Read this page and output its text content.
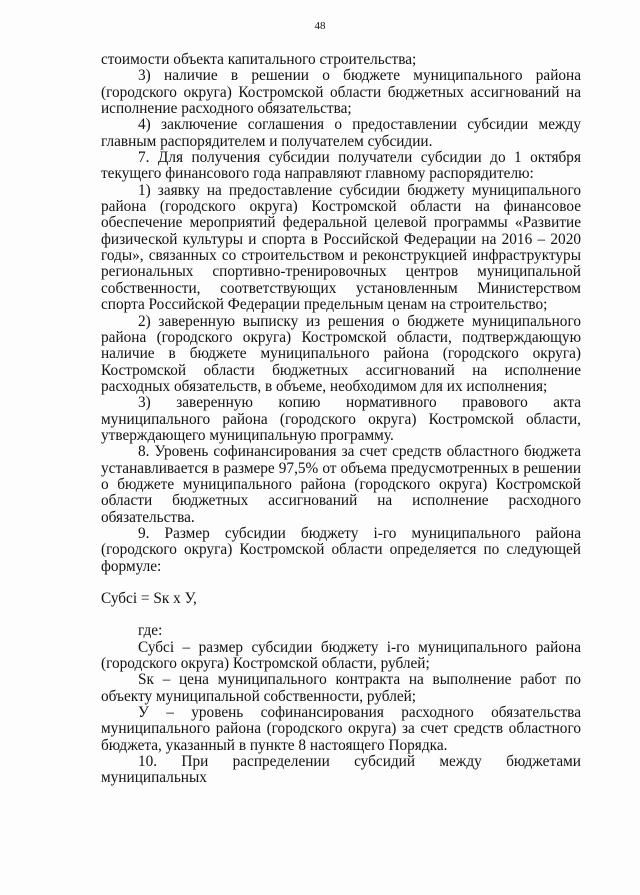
48

стоимости объекта капитального строительства;

3) наличие в решении о бюджете муниципального района (городского округа) Костромской области бюджетных ассигнований на исполнение расходного обязательства;

4) заключение соглашения о предоставлении субсидии между главным распорядителем и получателем субсидии.

7. Для получения субсидии получатели субсидии до 1 октября текущего финансового года направляют главному распорядителю:

1) заявку на предоставление субсидии бюджету муниципального района (городского округа) Костромской области на финансовое обеспечение мероприятий федеральной целевой программы «Развитие физической культуры и спорта в Российской Федерации на 2016 – 2020 годы», связанных со строительством и реконструкцией инфраструктуры региональных спортивно-тренировочных центров муниципальной собственности, соответствующих установленным Министерством спорта Российской Федерации предельным ценам на строительство;

2) заверенную выписку из решения о бюджете муниципального района (городского округа) Костромской области, подтверждающую наличие в бюджете муниципального района (городского округа) Костромской области бюджетных ассигнований на исполнение расходных обязательств, в объеме, необходимом для их исполнения;

3) заверенную копию нормативного правового акта муниципального района (городского округа) Костромской области, утверждающего муниципальную программу.

8. Уровень софинансирования за счет средств областного бюджета устанавливается в размере 97,5% от объема предусмотренных в решении о бюджете муниципального района (городского округа) Костромской области бюджетных ассигнований на исполнение расходного обязательства.

9. Размер субсидии бюджету i-го муниципального района (городского округа) Костромской области определяется по следующей формуле:

Субсi = Sк х У,

где:

Субсi – размер субсидии бюджету i-го муниципального района (городского округа) Костромской области, рублей;

Sк – цена муниципального контракта на выполнение работ по объекту муниципальной собственности, рублей;

У – уровень софинансирования расходного обязательства муниципального района (городского округа) за счет средств областного бюджета, указанный в пункте 8 настоящего Порядка.

10. При распределении субсидий между бюджетами муниципальных
